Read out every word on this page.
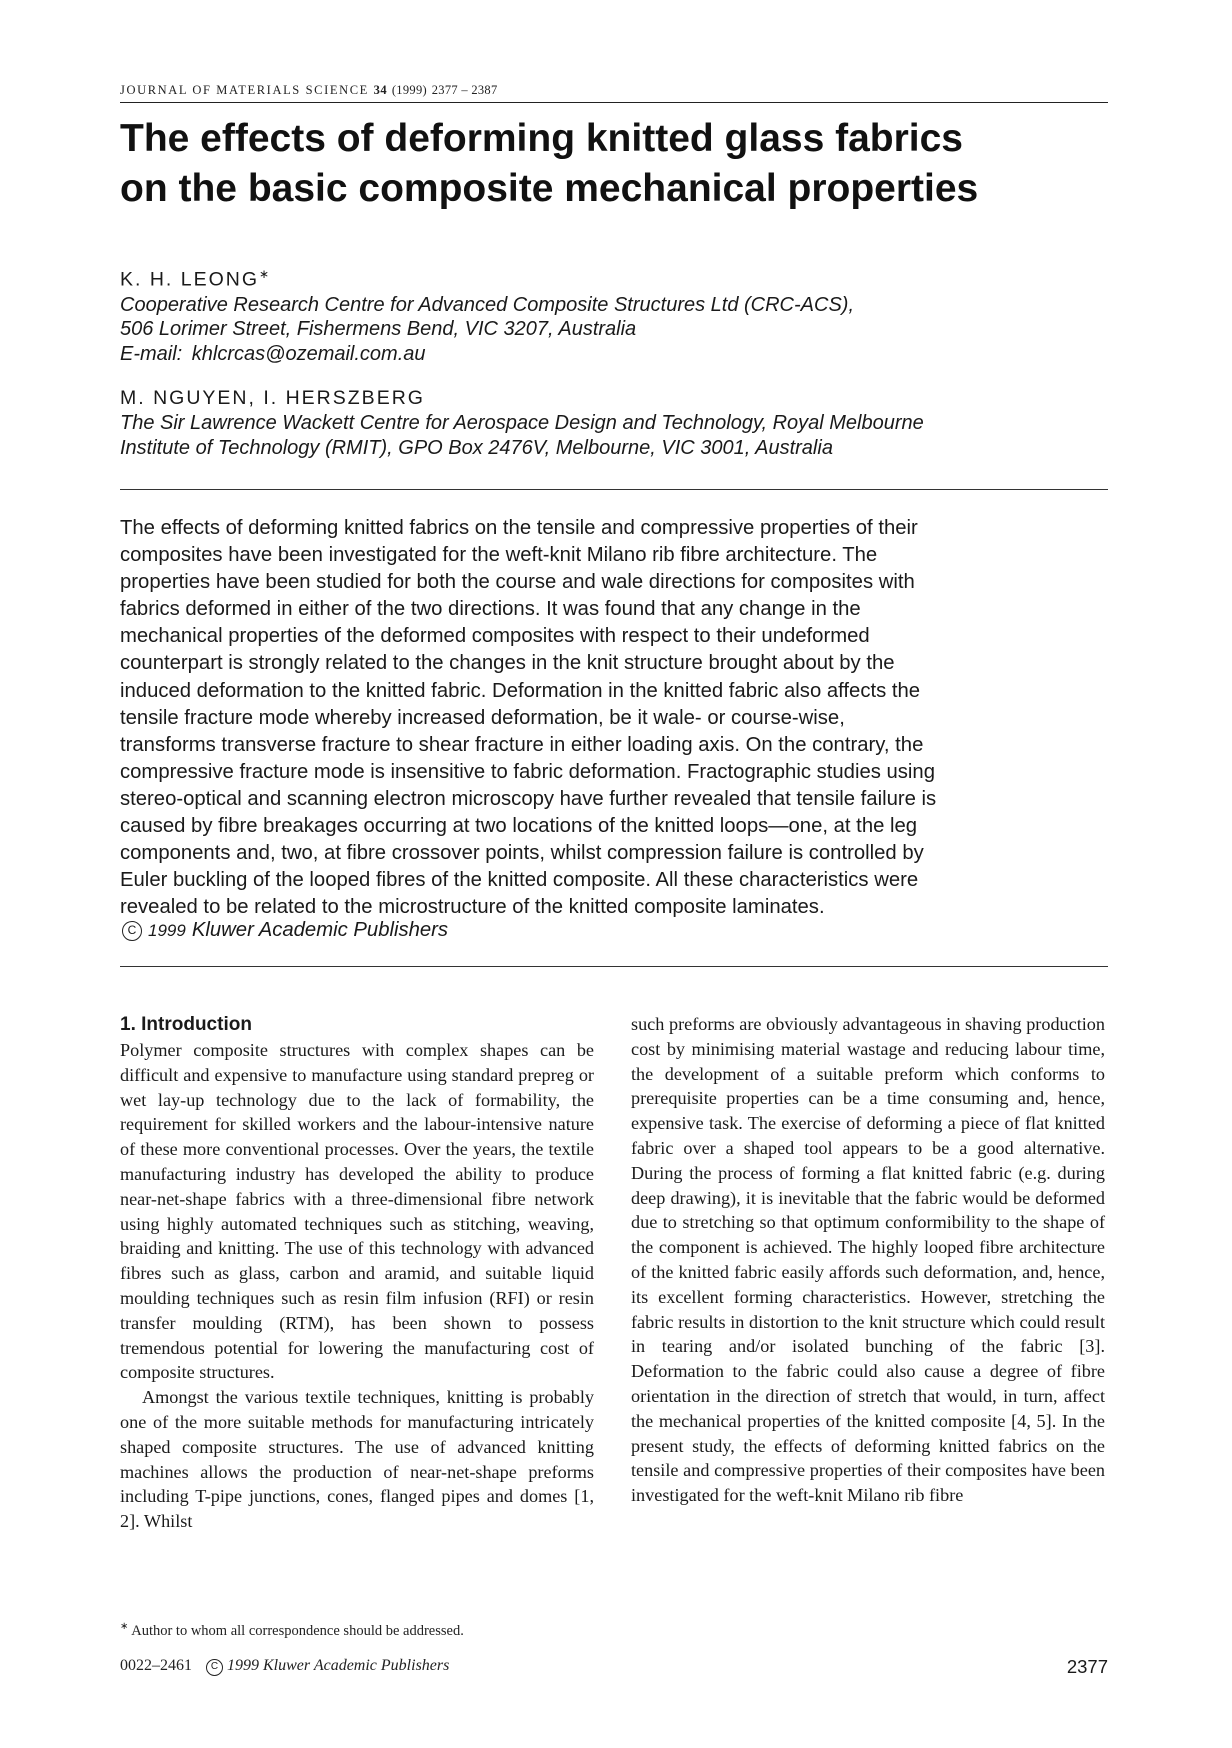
JOURNAL OF MATERIALS SCIENCE 34 (1999) 2377 – 2387
The effects of deforming knitted glass fabrics
on the basic composite mechanical properties
K. H. LEONG∗
Cooperative Research Centre for Advanced Composite Structures Ltd (CRC-ACS),
506 Lorimer Street, Fishermens Bend, VIC 3207, Australia
E-mail: khlcrcas@ozemail.com.au
M. NGUYEN, I. HERSZBERG
The Sir Lawrence Wackett Centre for Aerospace Design and Technology, Royal Melbourne
Institute of Technology (RMIT), GPO Box 2476V, Melbourne, VIC 3001, Australia
The effects of deforming knitted fabrics on the tensile and compressive properties of their
composites have been investigated for the weft-knit Milano rib fibre architecture. The
properties have been studied for both the course and wale directions for composites with
fabrics deformed in either of the two directions. It was found that any change in the
mechanical properties of the deformed composites with respect to their undeformed
counterpart is strongly related to the changes in the knit structure brought about by the
induced deformation to the knitted fabric. Deformation in the knitted fabric also affects the
tensile fracture mode whereby increased deformation, be it wale- or course-wise,
transforms transverse fracture to shear fracture in either loading axis. On the contrary, the
compressive fracture mode is insensitive to fabric deformation. Fractographic studies using
stereo-optical and scanning electron microscopy have further revealed that tensile failure is
caused by fibre breakages occurring at two locations of the knitted loops—one, at the leg
components and, two, at fibre crossover points, whilst compression failure is controlled by
Euler buckling of the looped fibres of the knitted composite. All these characteristics were
revealed to be related to the microstructure of the knitted composite laminates.
C 1999 Kluwer Academic Publishers
1. Introduction

Polymer composite structures with complex shapes can be difficult and expensive to manufacture using standard prepreg or wet lay-up technology due to the lack of formability, the requirement for skilled workers and the labour-intensive nature of these more conventional processes. Over the years, the textile manufacturing industry has developed the ability to produce near-net-shape fabrics with a three-dimensional fibre network using highly automated techniques such as stitching, weaving, braiding and knitting. The use of this technology with advanced fibres such as glass, carbon and aramid, and suitable liquid moulding techniques such as resin film infusion (RFI) or resin transfer moulding (RTM), has been shown to possess tremendous potential for lowering the manufacturing cost of composite structures.

Amongst the various textile techniques, knitting is probably one of the more suitable methods for manufacturing intricately shaped composite structures. The use of advanced knitting machines allows the production of near-net-shape preforms including T-pipe junctions, cones, flanged pipes and domes [1, 2]. Whilst

such preforms are obviously advantageous in shaving production cost by minimising material wastage and reducing labour time, the development of a suitable preform which conforms to prerequisite properties can be a time consuming and, hence, expensive task. The exercise of deforming a piece of flat knitted fabric over a shaped tool appears to be a good alternative. During the process of forming a flat knitted fabric (e.g. during deep drawing), it is inevitable that the fabric would be deformed due to stretching so that optimum conformibility to the shape of the component is achieved. The highly looped fibre architecture of the knitted fabric easily affords such deformation, and, hence, its excellent forming characteristics. However, stretching the fabric results in distortion to the knit structure which could result in tearing and/or isolated bunching of the fabric [3]. Deformation to the fabric could also cause a degree of fibre orientation in the direction of stretch that would, in turn, affect the mechanical properties of the knitted composite [4, 5]. In the present study, the effects of deforming knitted fabrics on the tensile and compressive properties of their composites have been investigated for the weft-knit Milano rib fibre

∗ Author to whom all correspondence should be addressed.
0022–2461 C 1999 Kluwer Academic Publishers	2377
